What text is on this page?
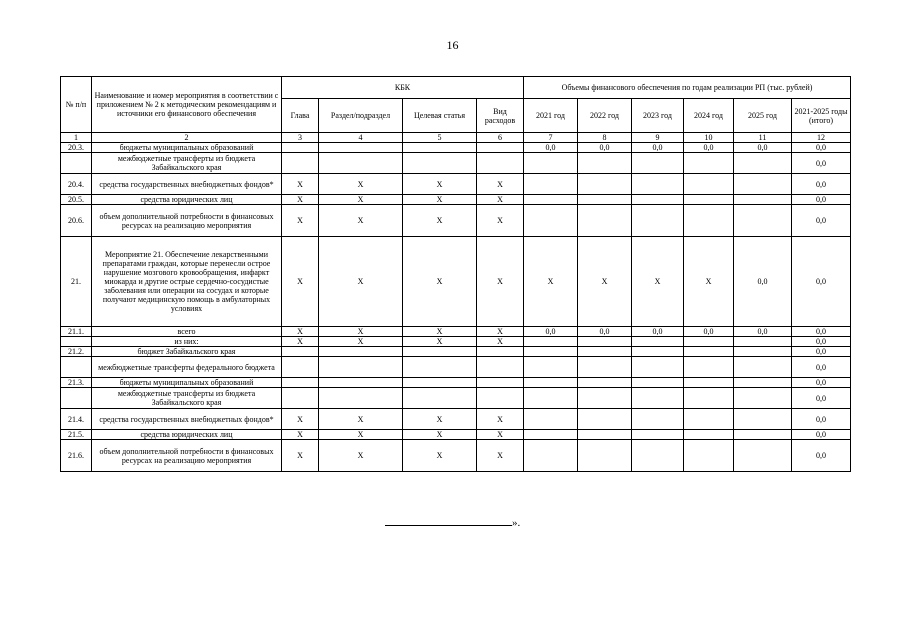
16
№ п/п	Наименование и номер мероприятия в соответствии с приложением № 2 к методическим рекомендациям и источники его финансового обеспечения	КБК				Объемы финансового обеспечения по годам реализации РП (тыс. рублей)					
		Глава	Раздел/подраздел	Целевая статья	Вид расходов	2021 год	2022 год	2023 год	2024 год	2025 год	2021-2025 годы (итого)
1	2	3	4	5	6	7	8	9	10	11	12
20.3.	бюджеты муниципальных образований					0,0	0,0	0,0	0,0	0,0	0,0
	межбюджетные трансферты из бюджета Забайкальского края										0,0
20.4.	средства государственных внебюджетных фондов*	X	X	X	X						0,0
20.5.	средства юридических лиц	X	X	X	X						0,0
20.6.	объем дополнительной потребности в финансовых ресурсах на реализацию мероприятия	X	X	X	X						0,0
21.	Мероприятие 21. Обеспечение лекарственными препаратами граждан, которые перенесли острое нарушение мозгового кровообращения, инфаркт миокарда и другие острые сердечно-сосудистые заболевания или операции на сосудах и которые получают медицинскую помощь в амбулаторных условиях	X	X	X	X	X	X	X	X	0,0	0,0
21.1.	всего	X	X	X	X	0,0	0,0	0,0	0,0	0,0	0,0
	из них:	X	X	X	X						0,0
21.2.	бюджет Забайкальского края										0,0
	межбюджетные трансферты федерального бюджета										0,0
21.3.	бюджеты муниципальных образований										0,0
	межбюджетные трансферты из бюджета Забайкальского края										0,0
21.4.	средства государственных внебюджетных фондов*	X	X	X	X						0,0
21.5.	средства юридических лиц	X	X	X	X						0,0
21.6.	объем дополнительной потребности в финансовых ресурсах на реализацию мероприятия	X	X	X	X						0,0
».
